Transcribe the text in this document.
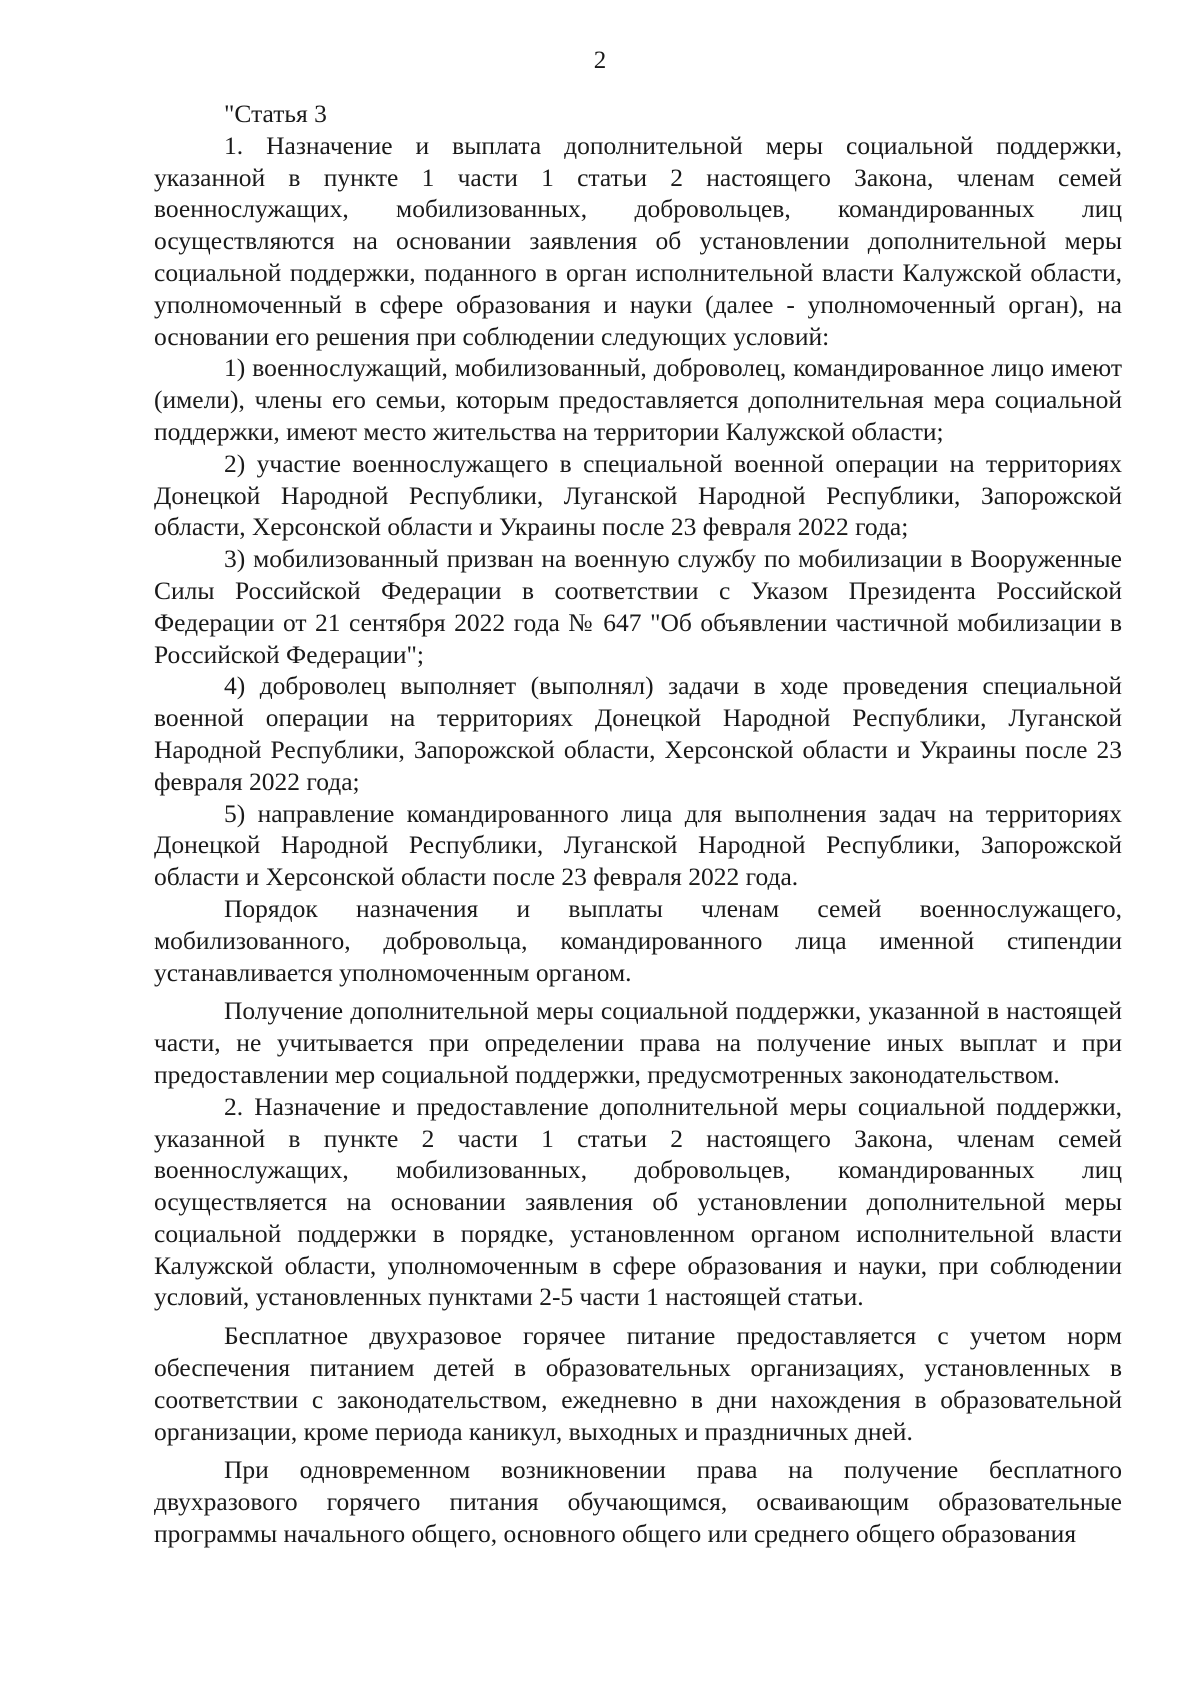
2

"Статья 3

1. Назначение и выплата дополнительной меры социальной поддержки, указанной в пункте 1 части 1 статьи 2 настоящего Закона, членам семей военнослужащих, мобилизованных, добровольцев, командированных лиц осуществляются на основании заявления об установлении дополнительной меры социальной поддержки, поданного в орган исполнительной власти Калужской области, уполномоченный в сфере образования и науки (далее - уполномоченный орган), на основании его решения при соблюдении следующих условий:

1) военнослужащий, мобилизованный, доброволец, командированное лицо имеют (имели), члены его семьи, которым предоставляется дополнительная мера социальной поддержки, имеют место жительства на территории Калужской области;

2) участие военнослужащего в специальной военной операции на территориях Донецкой Народной Республики, Луганской Народной Республики, Запорожской области, Херсонской области и Украины после 23 февраля 2022 года;

3) мобилизованный призван на военную службу по мобилизации в Вооруженные Силы Российской Федерации в соответствии с Указом Президента Российской Федерации от 21 сентября 2022 года № 647 "Об объявлении частичной мобилизации в Российской Федерации";

4) доброволец выполняет (выполнял) задачи в ходе проведения специальной военной операции на территориях Донецкой Народной Республики, Луганской Народной Республики, Запорожской области, Херсонской области и Украины после 23 февраля 2022 года;

5) направление командированного лица для выполнения задач на территориях Донецкой Народной Республики, Луганской Народной Республики, Запорожской области и Херсонской области после 23 февраля 2022 года.

Порядок назначения и выплаты членам семей военнослужащего, мобилизованного, добровольца, командированного лица именной стипендии устанавливается уполномоченным органом.

Получение дополнительной меры социальной поддержки, указанной в настоящей части, не учитывается при определении права на получение иных выплат и при предоставлении мер социальной поддержки, предусмотренных законодательством.

2. Назначение и предоставление дополнительной меры социальной поддержки, указанной в пункте 2 части 1 статьи 2 настоящего Закона, членам семей военнослужащих, мобилизованных, добровольцев, командированных лиц осуществляется на основании заявления об установлении дополнительной меры социальной поддержки в порядке, установленном органом исполнительной власти Калужской области, уполномоченным в сфере образования и науки, при соблюдении условий, установленных пунктами 2-5 части 1 настоящей статьи.

Бесплатное двухразовое горячее питание предоставляется с учетом норм обеспечения питанием детей в образовательных организациях, установленных в соответствии с законодательством, ежедневно в дни нахождения в образовательной организации, кроме периода каникул, выходных и праздничных дней.

При одновременном возникновении права на получение бесплатного двухразового горячего питания обучающимся, осваивающим образовательные программы начального общего, основного общего или среднего общего образования
